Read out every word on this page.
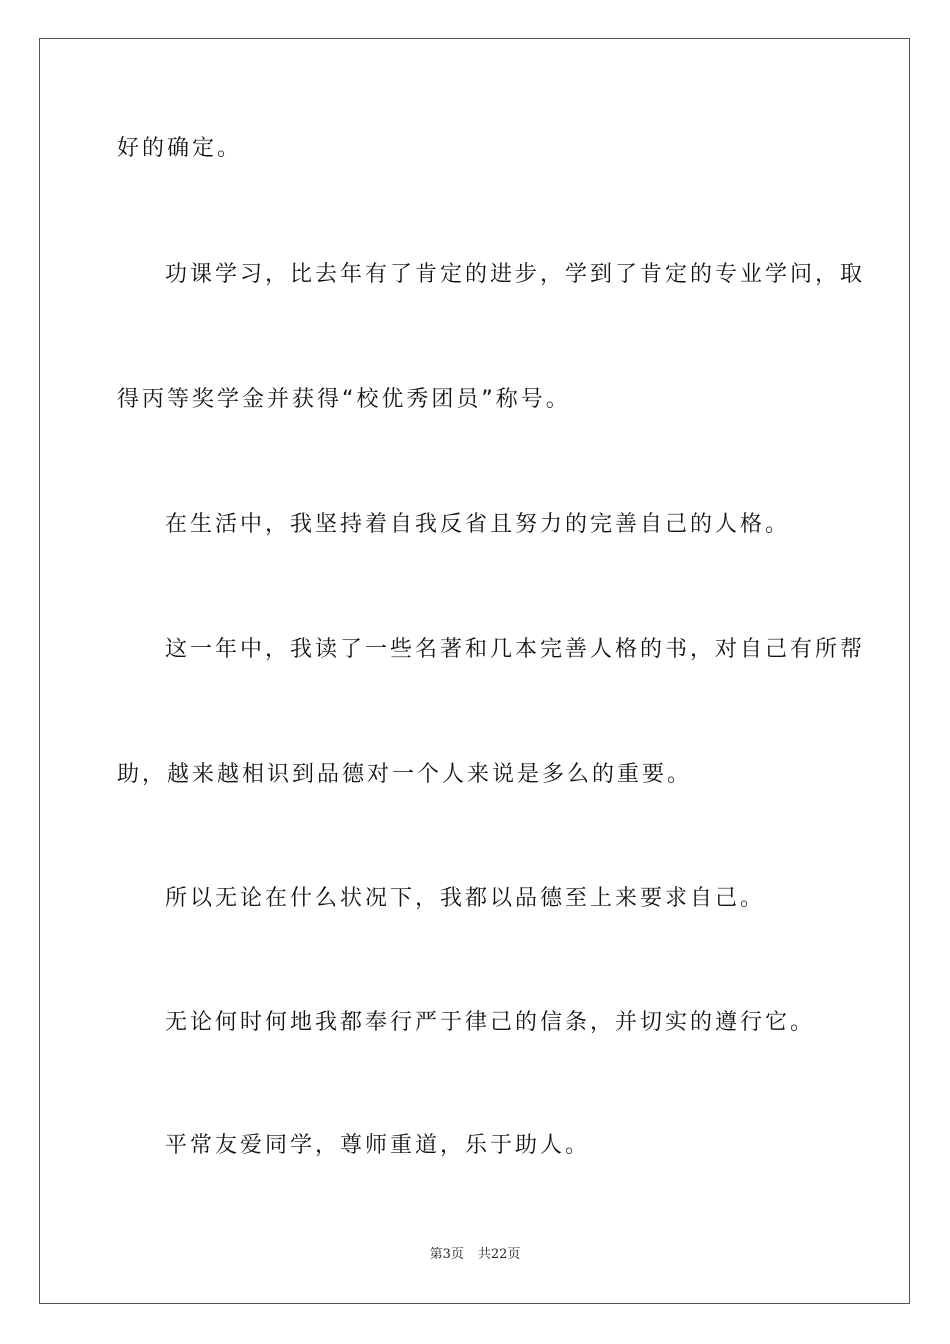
好的确定。
功课学习，比去年有了肯定的进步，学到了肯定的专业学问，取
得丙等奖学金并获得“校优秀团员”称号。
在生活中，我坚持着自我反省且努力的完善自己的人格。
这一年中，我读了一些名著和几本完善人格的书，对自己有所帮
助，越来越相识到品德对一个人来说是多么的重要。
所以无论在什么状况下，我都以品德至上来要求自己。
无论何时何地我都奉行严于律己的信条，并切实的遵行它。
平常友爱同学，尊师重道，乐于助人。
第3页 共22页
